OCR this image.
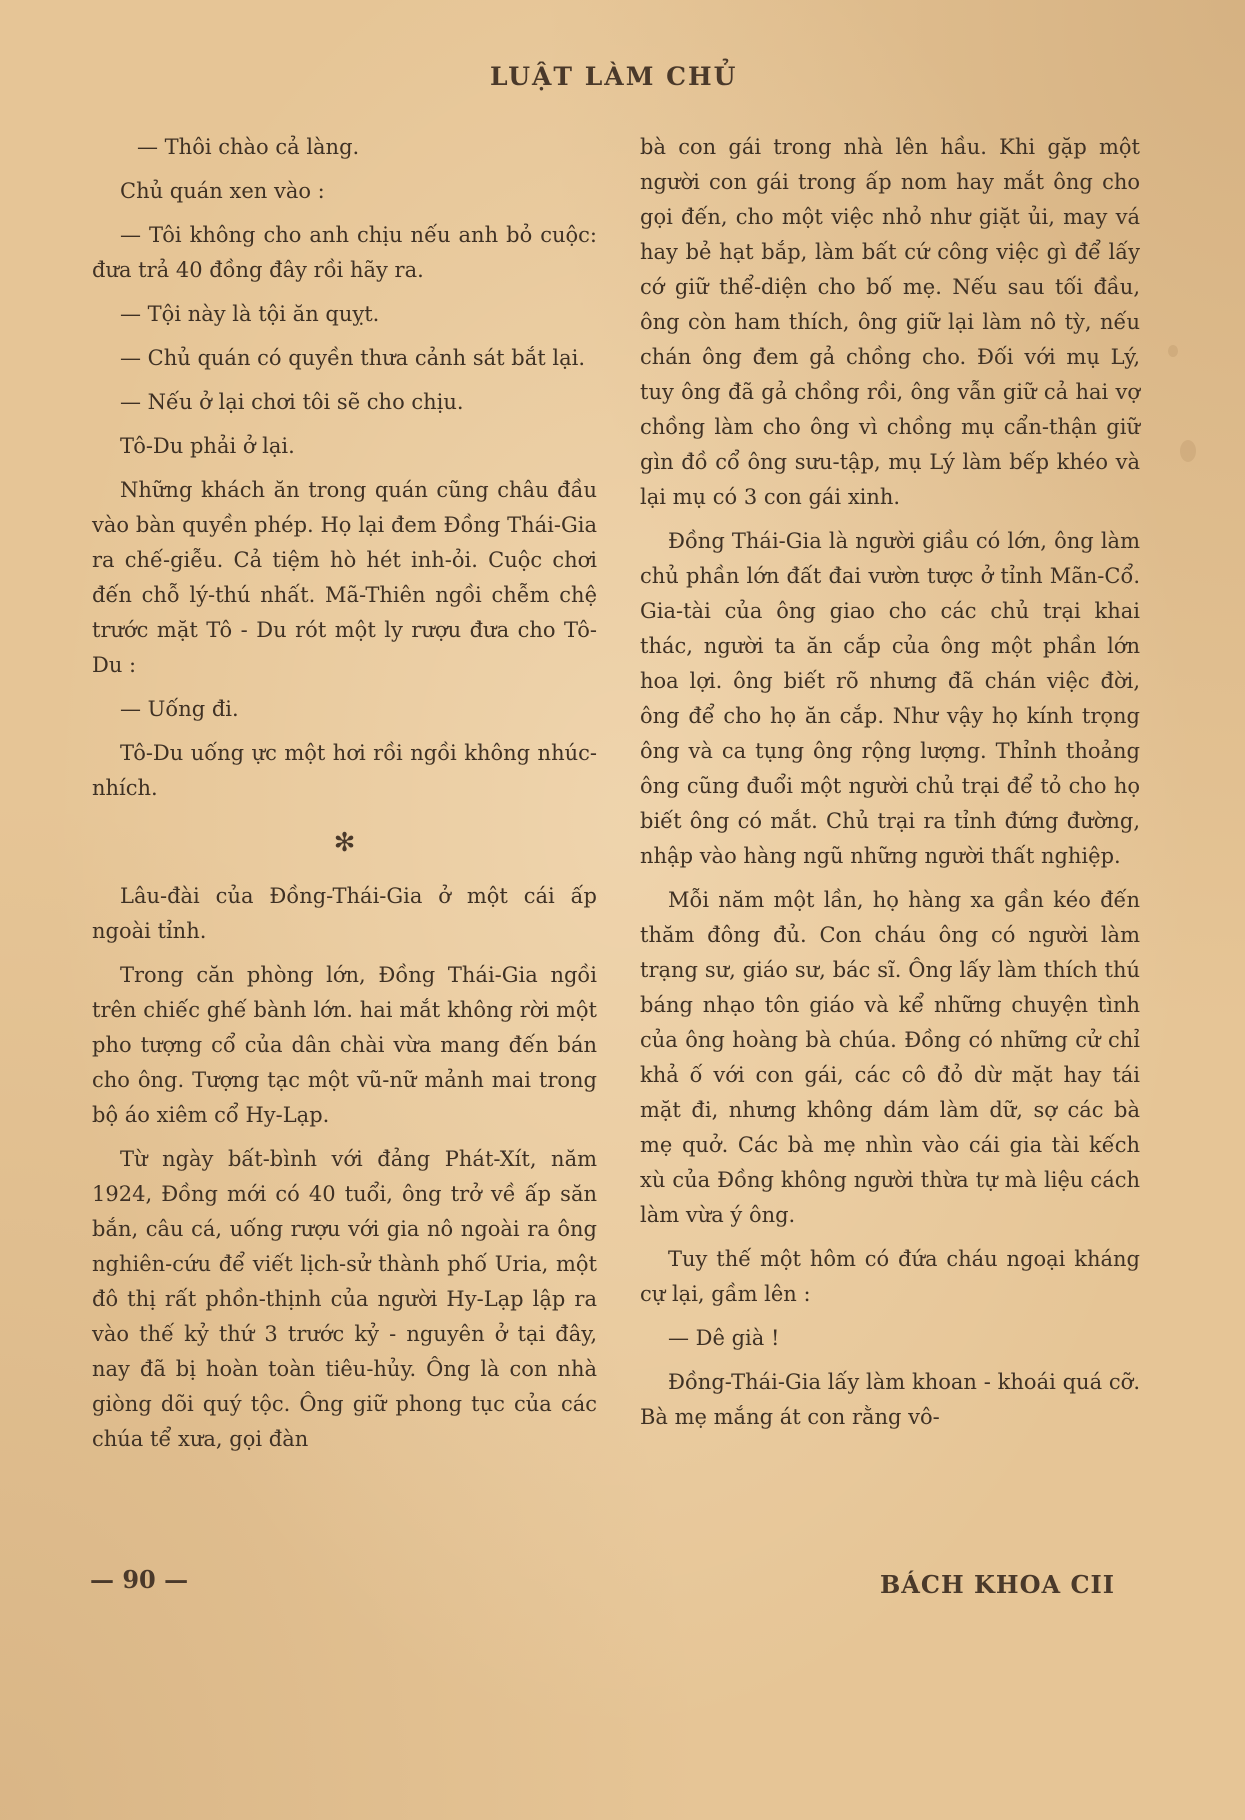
LUẬT LÀM CHỦ

— Thôi chào cả làng.

Chủ quán xen vào :

— Tôi không cho anh chịu nếu anh bỏ cuộc: đưa trả 40 đồng đây rồi hãy ra.

— Tội này là tội ăn quỵt.

— Chủ quán có quyền thưa cảnh sát bắt lại.

— Nếu ở lại chơi tôi sẽ cho chịu.

Tô-Du phải ở lại.

Những khách ăn trong quán cũng châu đầu vào bàn quyền phép. Họ lại đem Đồng Thái-Gia ra chế-giễu. Cả tiệm hò hét inh-ỏi. Cuộc chơi đến chỗ lý-thú nhất. Mã-Thiên ngồi chễm chệ trước mặt Tô - Du rót một ly rượu đưa cho Tô-Du :

— Uống đi.

Tô-Du uống ực một hơi rồi ngồi không nhúc-nhích.

✻

Lâu-đài của Đồng-Thái-Gia ở một cái ấp ngoài tỉnh.

Trong căn phòng lớn, Đồng Thái-Gia ngồi trên chiếc ghế bành lớn. hai mắt không rời một pho tượng cổ của dân chài vừa mang đến bán cho ông. Tượng tạc một vũ-nữ mảnh mai trong bộ áo xiêm cổ Hy-Lạp.

Từ ngày bất-bình với đảng Phát-Xít, năm 1924, Đồng mới có 40 tuổi, ông trở về ấp săn bắn, câu cá, uống rượu với gia nô ngoài ra ông nghiên-cứu để viết lịch-sử thành phố Uria, một đô thị rất phồn-thịnh của người Hy-Lạp lập ra vào thế kỷ thứ 3 trước kỷ - nguyên ở tại đây, nay đã bị hoàn toàn tiêu-hủy. Ông là con nhà giòng dõi quý tộc. Ông giữ phong tục của các chúa tể xưa, gọi đàn

bà con gái trong nhà lên hầu. Khi gặp một người con gái trong ấp nom hay mắt ông cho gọi đến, cho một việc nhỏ như giặt ủi, may vá hay bẻ hạt bắp, làm bất cứ công việc gì để lấy cớ giữ thể-diện cho bố mẹ. Nếu sau tối đầu, ông còn ham thích, ông giữ lại làm nô tỳ, nếu chán ông đem gả chồng cho. Đối với mụ Lý, tuy ông đã gả chồng rồi, ông vẫn giữ cả hai vợ chồng làm cho ông vì chồng mụ cẩn-thận giữ gìn đồ cổ ông sưu-tập, mụ Lý làm bếp khéo và lại mụ có 3 con gái xinh.

Đồng Thái-Gia là người giầu có lớn, ông làm chủ phần lớn đất đai vườn tược ở tỉnh Mãn-Cổ. Gia-tài của ông giao cho các chủ trại khai thác, người ta ăn cắp của ông một phần lớn hoa lợi. ông biết rõ nhưng đã chán việc đời, ông để cho họ ăn cắp. Như vậy họ kính trọng ông và ca tụng ông rộng lượng. Thỉnh thoảng ông cũng đuổi một người chủ trại để tỏ cho họ biết ông có mắt. Chủ trại ra tỉnh đứng đường, nhập vào hàng ngũ những người thất nghiệp.

Mỗi năm một lần, họ hàng xa gần kéo đến thăm đông đủ. Con cháu ông có người làm trạng sư, giáo sư, bác sĩ. Ông lấy làm thích thú báng nhạo tôn giáo và kể những chuyện tình của ông hoàng bà chúa. Đồng có những cử chỉ khả ố với con gái, các cô đỏ dừ mặt hay tái mặt đi, nhưng không dám làm dữ, sợ các bà mẹ quở. Các bà mẹ nhìn vào cái gia tài kếch xù của Đồng không người thừa tự mà liệu cách làm vừa ý ông.

Tuy thế một hôm có đứa cháu ngoại kháng cự lại, gầm lên :

— Dê già !

Đồng-Thái-Gia lấy làm khoan - khoái quá cỡ. Bà mẹ mắng át con rằng vô-

— 90 —	BÁCH KHOA CII
